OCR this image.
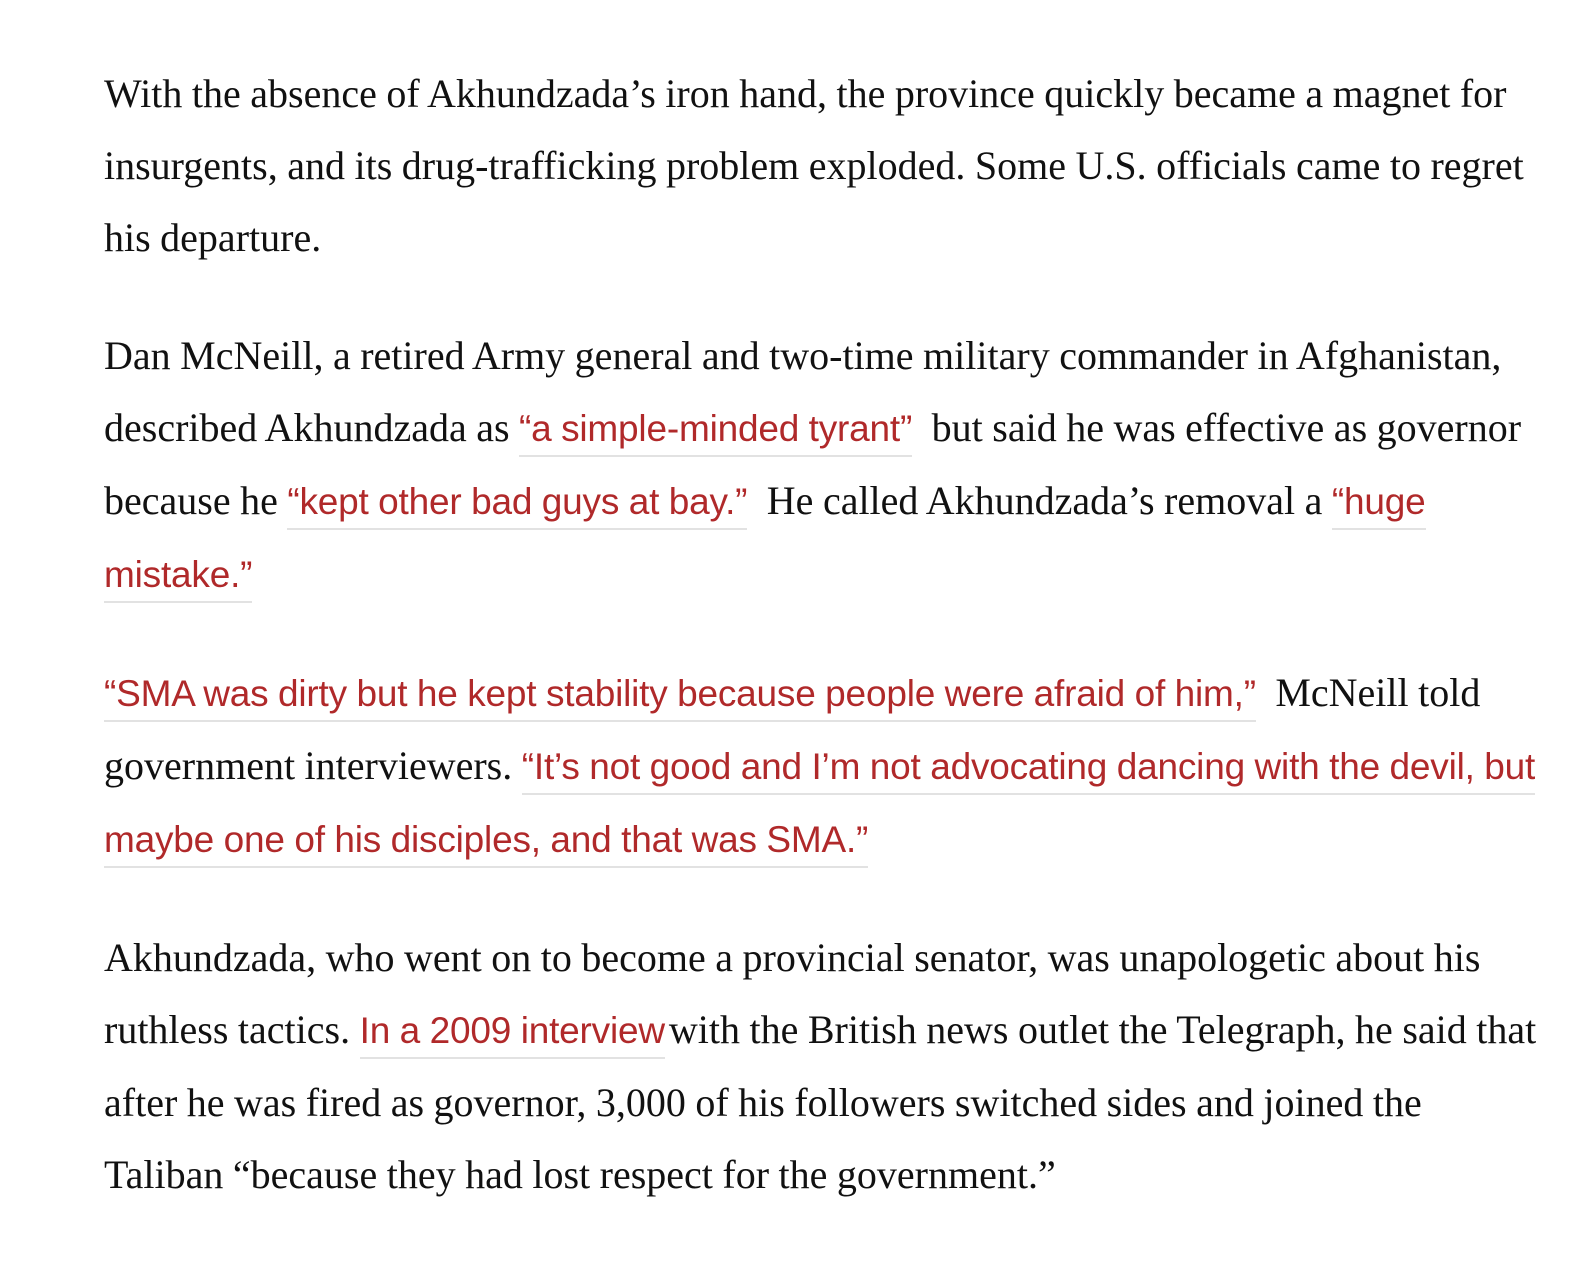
With the absence of Akhundzada’s iron hand, the province quickly became a magnet for insurgents, and its drug-trafficking problem exploded. Some U.S. officials came to regret his departure.

Dan McNeill, a retired Army general and two-time military commander in Afghanistan, described Akhundzada as “a simple-minded tyrant” but said he was effective as governor because he “kept other bad guys at bay.” He called Akhundzada’s removal a “huge mistake.”

“SMA was dirty but he kept stability because people were afraid of him,” McNeill told government interviewers. “It’s not good and I’m not advocating dancing with the devil, but maybe one of his disciples, and that was SMA.”

Akhundzada, who went on to become a provincial senator, was unapologetic about his ruthless tactics. In a 2009 interview with the British news outlet the Telegraph, he said that after he was fired as governor, 3,000 of his followers switched sides and joined the Taliban “because they had lost respect for the government.”
